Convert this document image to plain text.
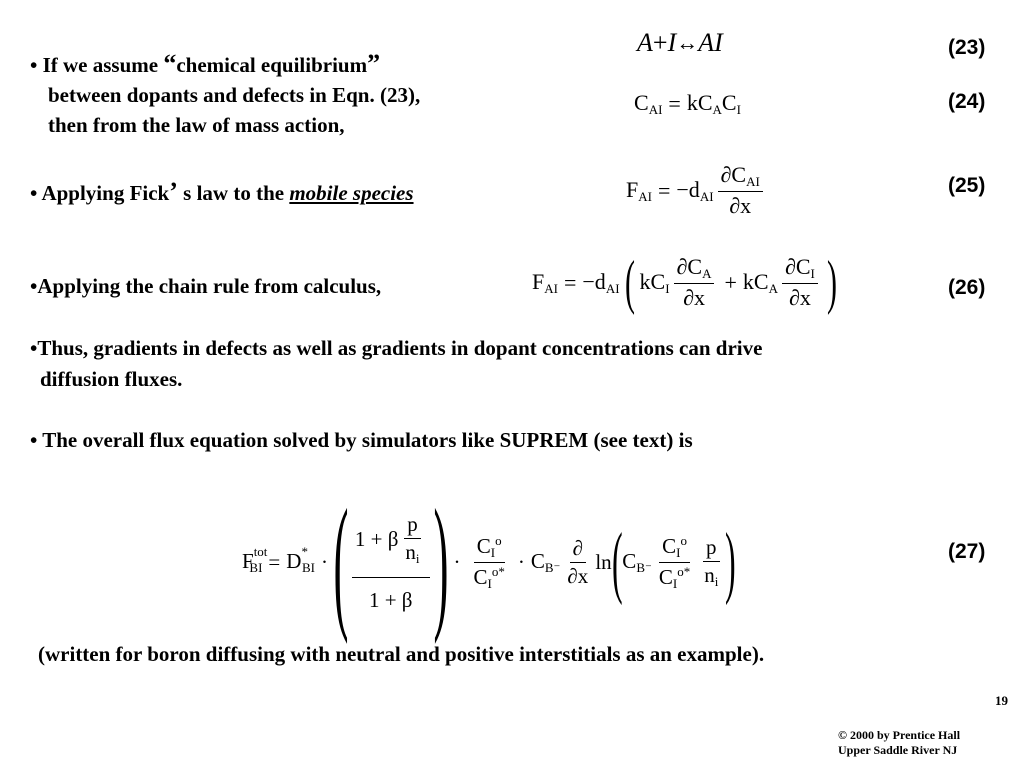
• If we assume “chemical equilibrium”
between dopants and defects in Eqn. (23),
then from the law of mass action,
A + I ↔ AI	(23)
$C_{AI} = kC_AC_I$	(24)
• Applying Fick’ s law to the mobile species	$F_{AI} = -d_{AI} \frac{\partial C_{AI}}{\partial x}$	(25)
•Applying the chain rule from calculus,	$F_{AI} = -d_{AI}$ ( $kC_I \frac{\partial C_A}{\partial x} + kC_A \frac{\partial C_I}{\partial x}$ )	(26)
•Thus, gradients in defects as well as gradients in dopant concentrations can drive
diffusion fluxes.
• The overall flux equation solved by simulators like SUPREM (see text) is
$F^{tot}_{BI} = D^*_{BI}$ · ( $\frac{1 + \beta \frac{p}{n_i}}{1 + \beta}$ ) · $\frac{C_I^o}{C_I^{o*}} \cdot C_{B^-} \frac{\partial}{\partial x}$ ln ( $C_{B^-} \frac{C_I^o}{C_I^{o*}} \frac{p}{n_i}$ )	(27)
(written for boron diffusing with neutral and positive interstitials as an example).
19
© 2000 by Prentice Hall
Upper Saddle River NJ
